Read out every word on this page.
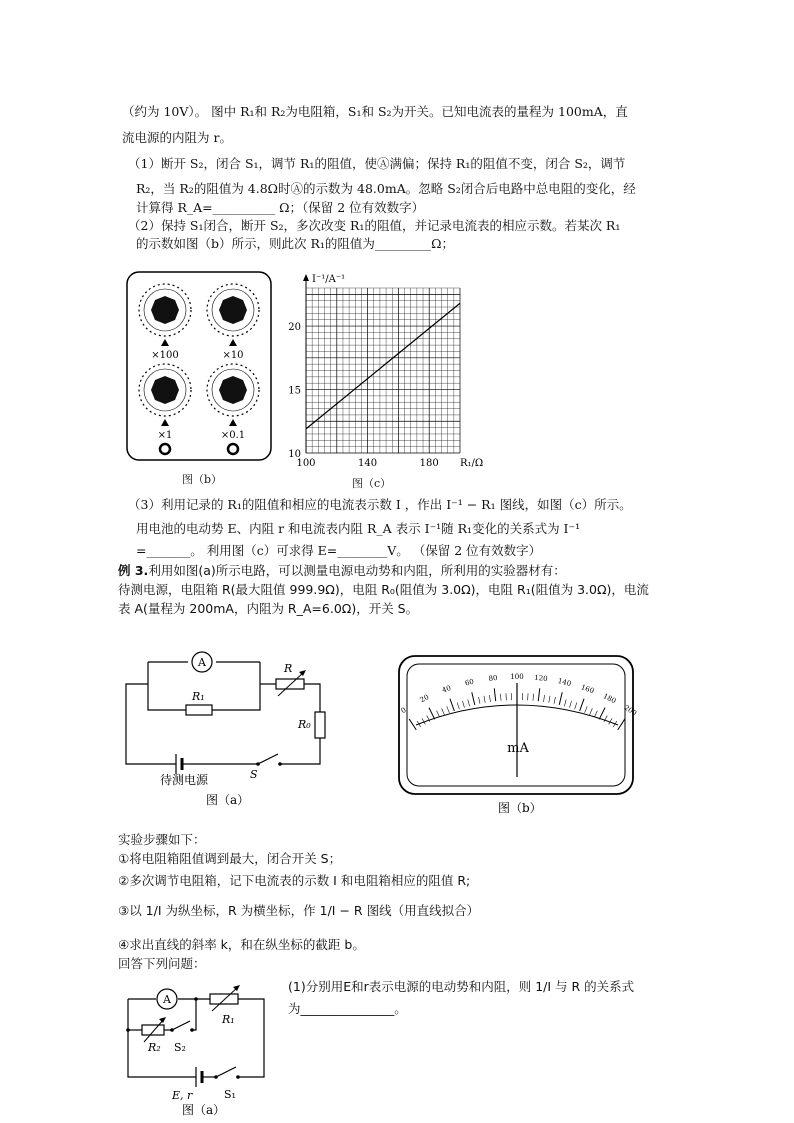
（约为 10V）。 图中 R₁和 R₂为电阻箱，S₁和 S₂为开关。已知电流表的量程为 100mA，直
流电源的内阻为 r。
（1）断开 S₂，闭合 S₁，调节 R₁的阻值，使Ⓐ满偏；保持 R₁的阻值不变，闭合 S₂，调节
R₂，当 R₂的阻值为 4.8Ω时Ⓐ的示数为 48.0mA。忽略 S₂闭合后电路中总电阻的变化，经
计算得 R_A=__________ Ω；（保留 2 位有效数字）
（2）保持 S₁闭合，断开 S₂，多次改变 R₁的阻值，并记录电流表的相应示数。若某次 R₁
的示数如图（b）所示，则此次 R₁的阻值为_________Ω；
×100	×10
×1	×0.1
图（b）
I⁻¹/A⁻¹
R₁/Ω
100	140	180
10
15
20
图（c）
（3）利用记录的 R₁的阻值和相应的电流表示数 I ，作出 I⁻¹ − R₁ 图线，如图（c）所示。
用电池的电动势 E、内阻 r 和电流表内阻 R_A 表示 I⁻¹随 R₁变化的关系式为 I⁻¹
=_______。 利用图（c）可求得 E=________V。 （保留 2 位有效数字）
例 3.利用如图(a)所示电路，可以测量电源电动势和内阻，所利用的实验器材有：
待测电源，电阻箱 R(最大阻值 999.9Ω)，电阻 R₀(阻值为 3.0Ω)，电阻 R₁(阻值为 3.0Ω)，电流
表 A(量程为 200mA，内阻为 R_A=6.0Ω)，开关 S。
A
R₁
R
R₀
S
待测电源
图（a）
0
20
40
60 80 100 120 140
160
180
200
mA
图（b）
实验步骤如下：
①将电阻箱阻值调到最大，闭合开关 S；
②多次调节电阻箱，记下电流表的示数 I 和电阻箱相应的阻值 R;
③以 1/I 为纵坐标，R 为横坐标，作 1/I − R 图线（用直线拟合）
④求出直线的斜率 k，和在纵坐标的截距 b。
回答下列问题：
(1)分别用E和r表示电源的电动势和内阻，则 1/I 与 R 的关系式
为_______________。
A
R₁
R₂ S₂
E, r	S₁
图（a）
